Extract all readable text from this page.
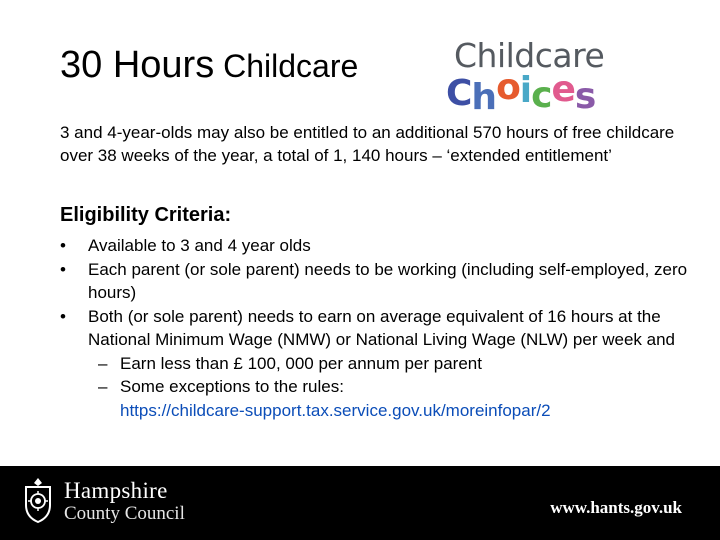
30 Hours Childcare	Childcare
Choices

3 and 4-year-olds may also be entitled to an additional 570 hours of free childcare over 38 weeks of the year, a total of 1, 140 hours – ‘extended entitlement’

Eligibility Criteria:
•	Available to 3 and 4 year olds
•	Each parent (or sole parent) needs to be working (including self-employed, zero hours)
•	Both (or sole parent) needs to earn on average equivalent of 16 hours at the National Minimum Wage (NMW) or National Living Wage (NLW) per week and
– Earn less than £ 100, 000 per annum per parent
– Some exceptions to the rules:
https://childcare-support.tax.service.gov.uk/moreinfopar/2
Hampshire
County Council	www.hants.gov.uk
